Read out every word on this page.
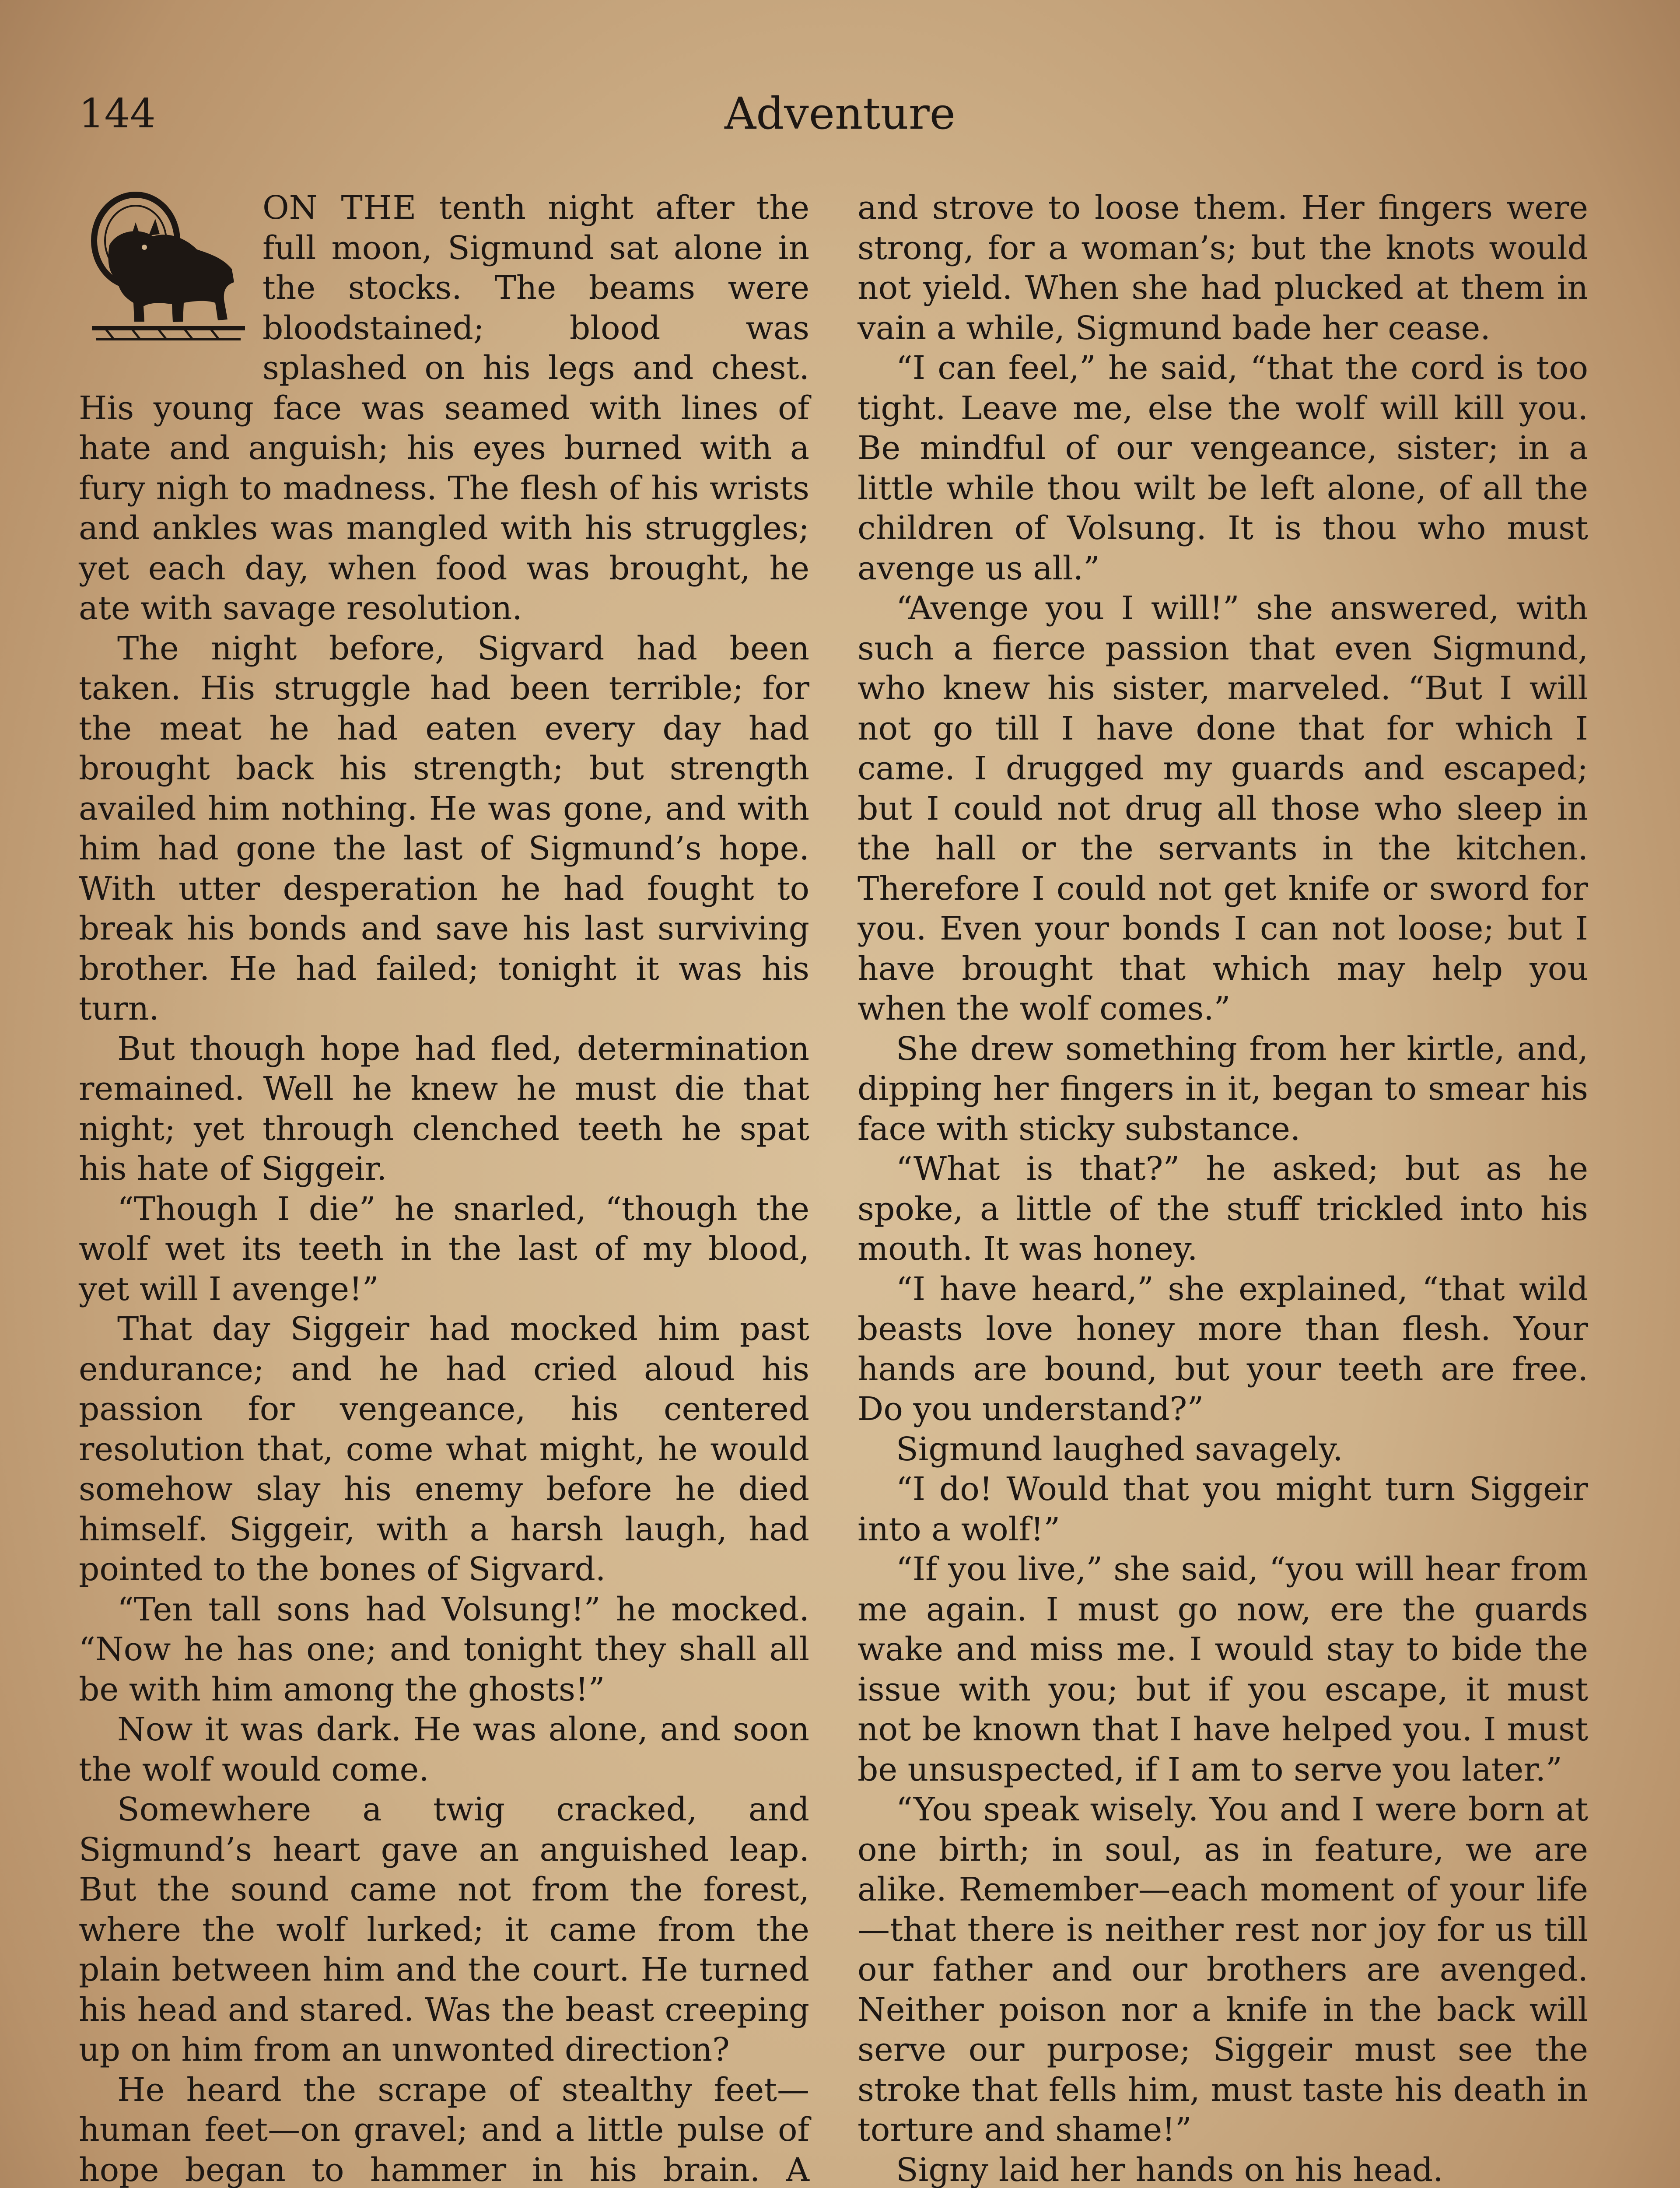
144	Adventure

ON THE tenth night after the full moon, Sigmund sat alone in the stocks. The beams were bloodstained; blood was splashed on his legs and chest. His young face was seamed with lines of hate and anguish; his eyes burned with a fury nigh to madness. The flesh of his wrists and ankles was mangled with his struggles; yet each day, when food was brought, he ate with savage resolution.

The night before, Sigvard had been taken. His struggle had been terrible; for the meat he had eaten every day had brought back his strength; but strength availed him nothing. He was gone, and with him had gone the last of Sigmund’s hope. With utter desperation he had fought to break his bonds and save his last surviving brother. He had failed; tonight it was his turn.

But though hope had fled, determination remained. Well he knew he must die that night; yet through clenched teeth he spat his hate of Siggeir.

“Though I die” he snarled, “though the wolf wet its teeth in the last of my blood, yet will I avenge!”

That day Siggeir had mocked him past endurance; and he had cried aloud his passion for vengeance, his centered resolution that, come what might, he would somehow slay his enemy before he died himself. Siggeir, with a harsh laugh, had pointed to the bones of Sigvard.

“Ten tall sons had Volsung!” he mocked. “Now he has one; and tonight they shall all be with him among the ghosts!”

Now it was dark. He was alone, and soon the wolf would come.

Somewhere a twig cracked, and Sigmund’s heart gave an anguished leap. But the sound came not from the forest, where the wolf lurked; it came from the plain between him and the court. He turned his head and stared. Was the beast creeping up on him from an unwonted direction?

He heard the scrape of stealthy feet—human feet—on gravel; and a little pulse of hope began to hammer in his brain. A

and strove to loose them. Her fingers were strong, for a woman’s; but the knots would not yield. When she had plucked at them in vain a while, Sigmund bade her cease.

“I can feel,” he said, “that the cord is too tight. Leave me, else the wolf will kill you. Be mindful of our vengeance, sister; in a little while thou wilt be left alone, of all the children of Volsung. It is thou who must avenge us all.”

“Avenge you I will!” she answered, with such a fierce passion that even Sigmund, who knew his sister, marveled. “But I will not go till I have done that for which I came. I drugged my guards and escaped; but I could not drug all those who sleep in the hall or the servants in the kitchen. Therefore I could not get knife or sword for you. Even your bonds I can not loose; but I have brought that which may help you when the wolf comes.”

She drew something from her kirtle, and, dipping her fingers in it, began to smear his face with sticky substance.

“What is that?” he asked; but as he spoke, a little of the stuff trickled into his mouth. It was honey.

“I have heard,” she explained, “that wild beasts love honey more than flesh. Your hands are bound, but your teeth are free. Do you understand?”

Sigmund laughed savagely.

“I do! Would that you might turn Siggeir into a wolf!”

“If you live,” she said, “you will hear from me again. I must go now, ere the guards wake and miss me. I would stay to bide the issue with you; but if you escape, it must not be known that I have helped you. I must be unsuspected, if I am to serve you later.”

“You speak wisely. You and I were born at one birth; in soul, as in feature, we are alike. Remember—each moment of your life—that there is neither rest nor joy for us till our father and our brothers are avenged. Neither poison nor a knife in the back will serve our purpose; Siggeir must see the stroke that fells him, must taste his death in torture and shame!”

Signy laid her hands on his head.
